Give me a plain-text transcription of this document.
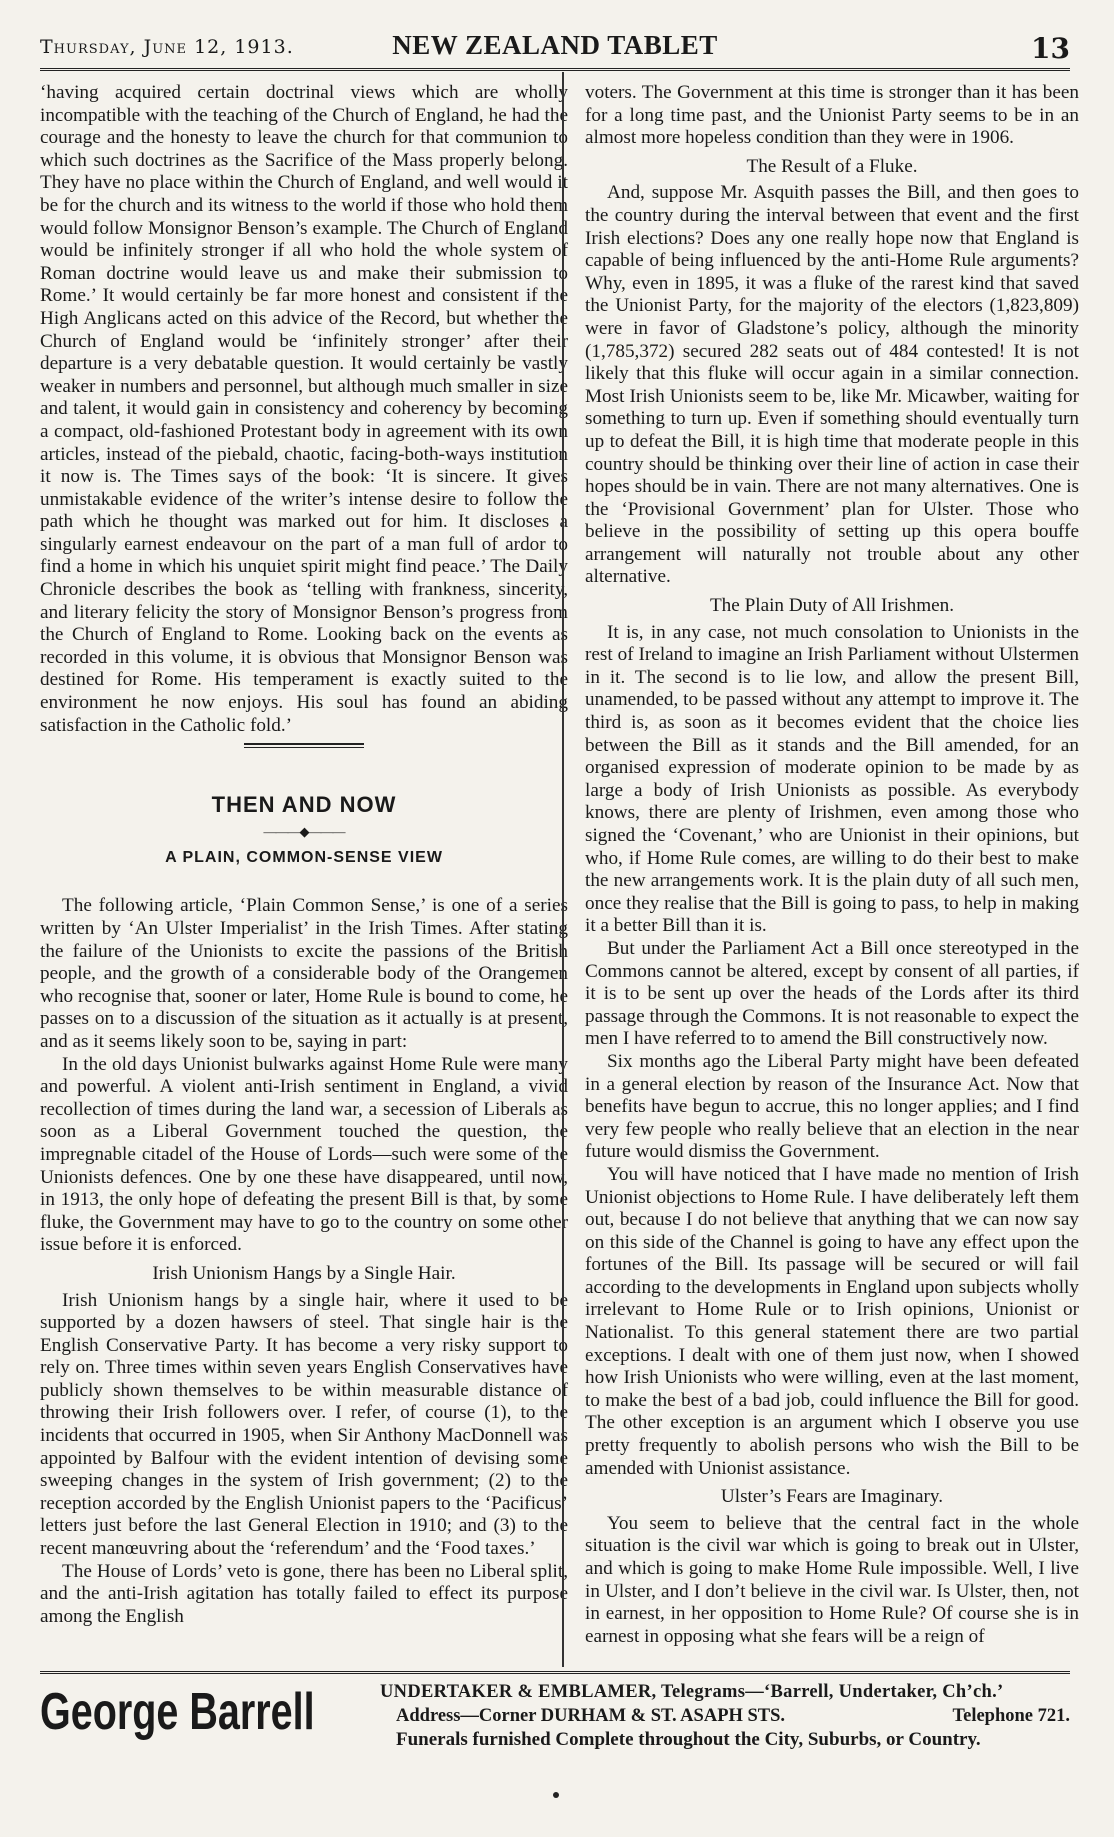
Thursday, June 12, 1913.	NEW ZEALAND TABLET	13

‘having acquired certain doctrinal views which are wholly incompatible with the teaching of the Church of England, he had the courage and the honesty to leave the church for that communion to which such doctrines as the Sacrifice of the Mass properly belong. They have no place within the Church of England, and well would it be for the church and its witness to the world if those who hold them would follow Monsignor Benson’s example. The Church of England would be infinitely stronger if all who hold the whole system of Roman doctrine would leave us and make their submission to Rome.’ It would certainly be far more honest and consistent if the High Anglicans acted on this advice of the Record, but whether the Church of England would be ‘infinitely stronger’ after their departure is a very debatable question. It would certainly be vastly weaker in numbers and personnel, but although much smaller in size and talent, it would gain in consistency and coherency by becoming a compact, old-fashioned Protestant body in agreement with its own articles, instead of the piebald, chaotic, facing-both-ways institution it now is. The Times says of the book: ‘It is sincere. It gives unmistakable evidence of the writer’s intense desire to follow the path which he thought was marked out for him. It discloses a singularly earnest endeavour on the part of a man full of ardor to find a home in which his unquiet spirit might find peace.’ The Daily Chronicle describes the book as ‘telling with frankness, sincerity, and literary felicity the story of Monsignor Benson’s progress from the Church of England to Rome. Looking back on the events as recorded in this volume, it is obvious that Monsignor Benson was destined for Rome. His temperament is exactly suited to the environment he now enjoys. His soul has found an abiding satisfaction in the Catholic fold.’

THEN AND NOW
———◆———
A PLAIN, COMMON-SENSE VIEW

The following article, ‘Plain Common Sense,’ is one of a series written by ‘An Ulster Imperialist’ in the Irish Times. After stating the failure of the Unionists to excite the passions of the British people, and the growth of a considerable body of the Orangemen who recognise that, sooner or later, Home Rule is bound to come, he passes on to a discussion of the situation as it actually is at present, and as it seems likely soon to be, saying in part:

In the old days Unionist bulwarks against Home Rule were many and powerful. A violent anti-Irish sentiment in England, a vivid recollection of times during the land war, a secession of Liberals as soon as a Liberal Government touched the question, the impregnable citadel of the House of Lords—such were some of the Unionists defences. One by one these have disappeared, until now, in 1913, the only hope of defeating the present Bill is that, by some fluke, the Government may have to go to the country on some other issue before it is enforced.

Irish Unionism Hangs by a Single Hair.

Irish Unionism hangs by a single hair, where it used to be supported by a dozen hawsers of steel. That single hair is the English Conservative Party. It has become a very risky support to rely on. Three times within seven years English Conservatives have publicly shown themselves to be within measurable distance of throwing their Irish followers over. I refer, of course (1), to the incidents that occurred in 1905, when Sir Anthony MacDonnell was appointed by Balfour with the evident intention of devising some sweeping changes in the system of Irish government; (2) to the reception accorded by the English Unionist papers to the ‘Pacificus’ letters just before the last General Election in 1910; and (3) to the recent manœuvring about the ‘referendum’ and the ‘Food taxes.’

The House of Lords’ veto is gone, there has been no Liberal split, and the anti-Irish agitation has totally failed to effect its purpose among the English

voters. The Government at this time is stronger than it has been for a long time past, and the Unionist Party seems to be in an almost more hopeless condition than they were in 1906.

The Result of a Fluke.

And, suppose Mr. Asquith passes the Bill, and then goes to the country during the interval between that event and the first Irish elections? Does any one really hope now that England is capable of being influenced by the anti-Home Rule arguments? Why, even in 1895, it was a fluke of the rarest kind that saved the Unionist Party, for the majority of the electors (1,823,809) were in favor of Gladstone’s policy, although the minority (1,785,372) secured 282 seats out of 484 contested! It is not likely that this fluke will occur again in a similar connection. Most Irish Unionists seem to be, like Mr. Micawber, waiting for something to turn up. Even if something should eventually turn up to defeat the Bill, it is high time that moderate people in this country should be thinking over their line of action in case their hopes should be in vain. There are not many alternatives. One is the ‘Provisional Government’ plan for Ulster. Those who believe in the possibility of setting up this opera bouffe arrangement will naturally not trouble about any other alternative.

The Plain Duty of All Irishmen.

It is, in any case, not much consolation to Unionists in the rest of Ireland to imagine an Irish Parliament without Ulstermen in it. The second is to lie low, and allow the present Bill, unamended, to be passed without any attempt to improve it. The third is, as soon as it becomes evident that the choice lies between the Bill as it stands and the Bill amended, for an organised expression of moderate opinion to be made by as large a body of Irish Unionists as possible. As everybody knows, there are plenty of Irishmen, even among those who signed the ‘Covenant,’ who are Unionist in their opinions, but who, if Home Rule comes, are willing to do their best to make the new arrangements work. It is the plain duty of all such men, once they realise that the Bill is going to pass, to help in making it a better Bill than it is.

But under the Parliament Act a Bill once stereotyped in the Commons cannot be altered, except by consent of all parties, if it is to be sent up over the heads of the Lords after its third passage through the Commons. It is not reasonable to expect the men I have referred to to amend the Bill constructively now.

Six months ago the Liberal Party might have been defeated in a general election by reason of the Insurance Act. Now that benefits have begun to accrue, this no longer applies; and I find very few people who really believe that an election in the near future would dismiss the Government.

You will have noticed that I have made no mention of Irish Unionist objections to Home Rule. I have deliberately left them out, because I do not believe that anything that we can now say on this side of the Channel is going to have any effect upon the fortunes of the Bill. Its passage will be secured or will fail according to the developments in England upon subjects wholly irrelevant to Home Rule or to Irish opinions, Unionist or Nationalist. To this general statement there are two partial exceptions. I dealt with one of them just now, when I showed how Irish Unionists who were willing, even at the last moment, to make the best of a bad job, could influence the Bill for good. The other exception is an argument which I observe you use pretty frequently to abolish persons who wish the Bill to be amended with Unionist assistance.

Ulster’s Fears are Imaginary.

You seem to believe that the central fact in the whole situation is the civil war which is going to break out in Ulster, and which is going to make Home Rule impossible. Well, I live in Ulster, and I don’t believe in the civil war. Is Ulster, then, not in earnest, in her opposition to Home Rule? Of course she is in earnest in opposing what she fears will be a reign of

George Barrell	UNDERTAKER & EMBLAMER, Telegrams—‘Barrell, Undertaker, Ch’ch.’
Address—Corner DURHAM & ST. ASAPH STS.	Telephone 721.
Funerals furnished Complete throughout the City, Suburbs, or Country.
